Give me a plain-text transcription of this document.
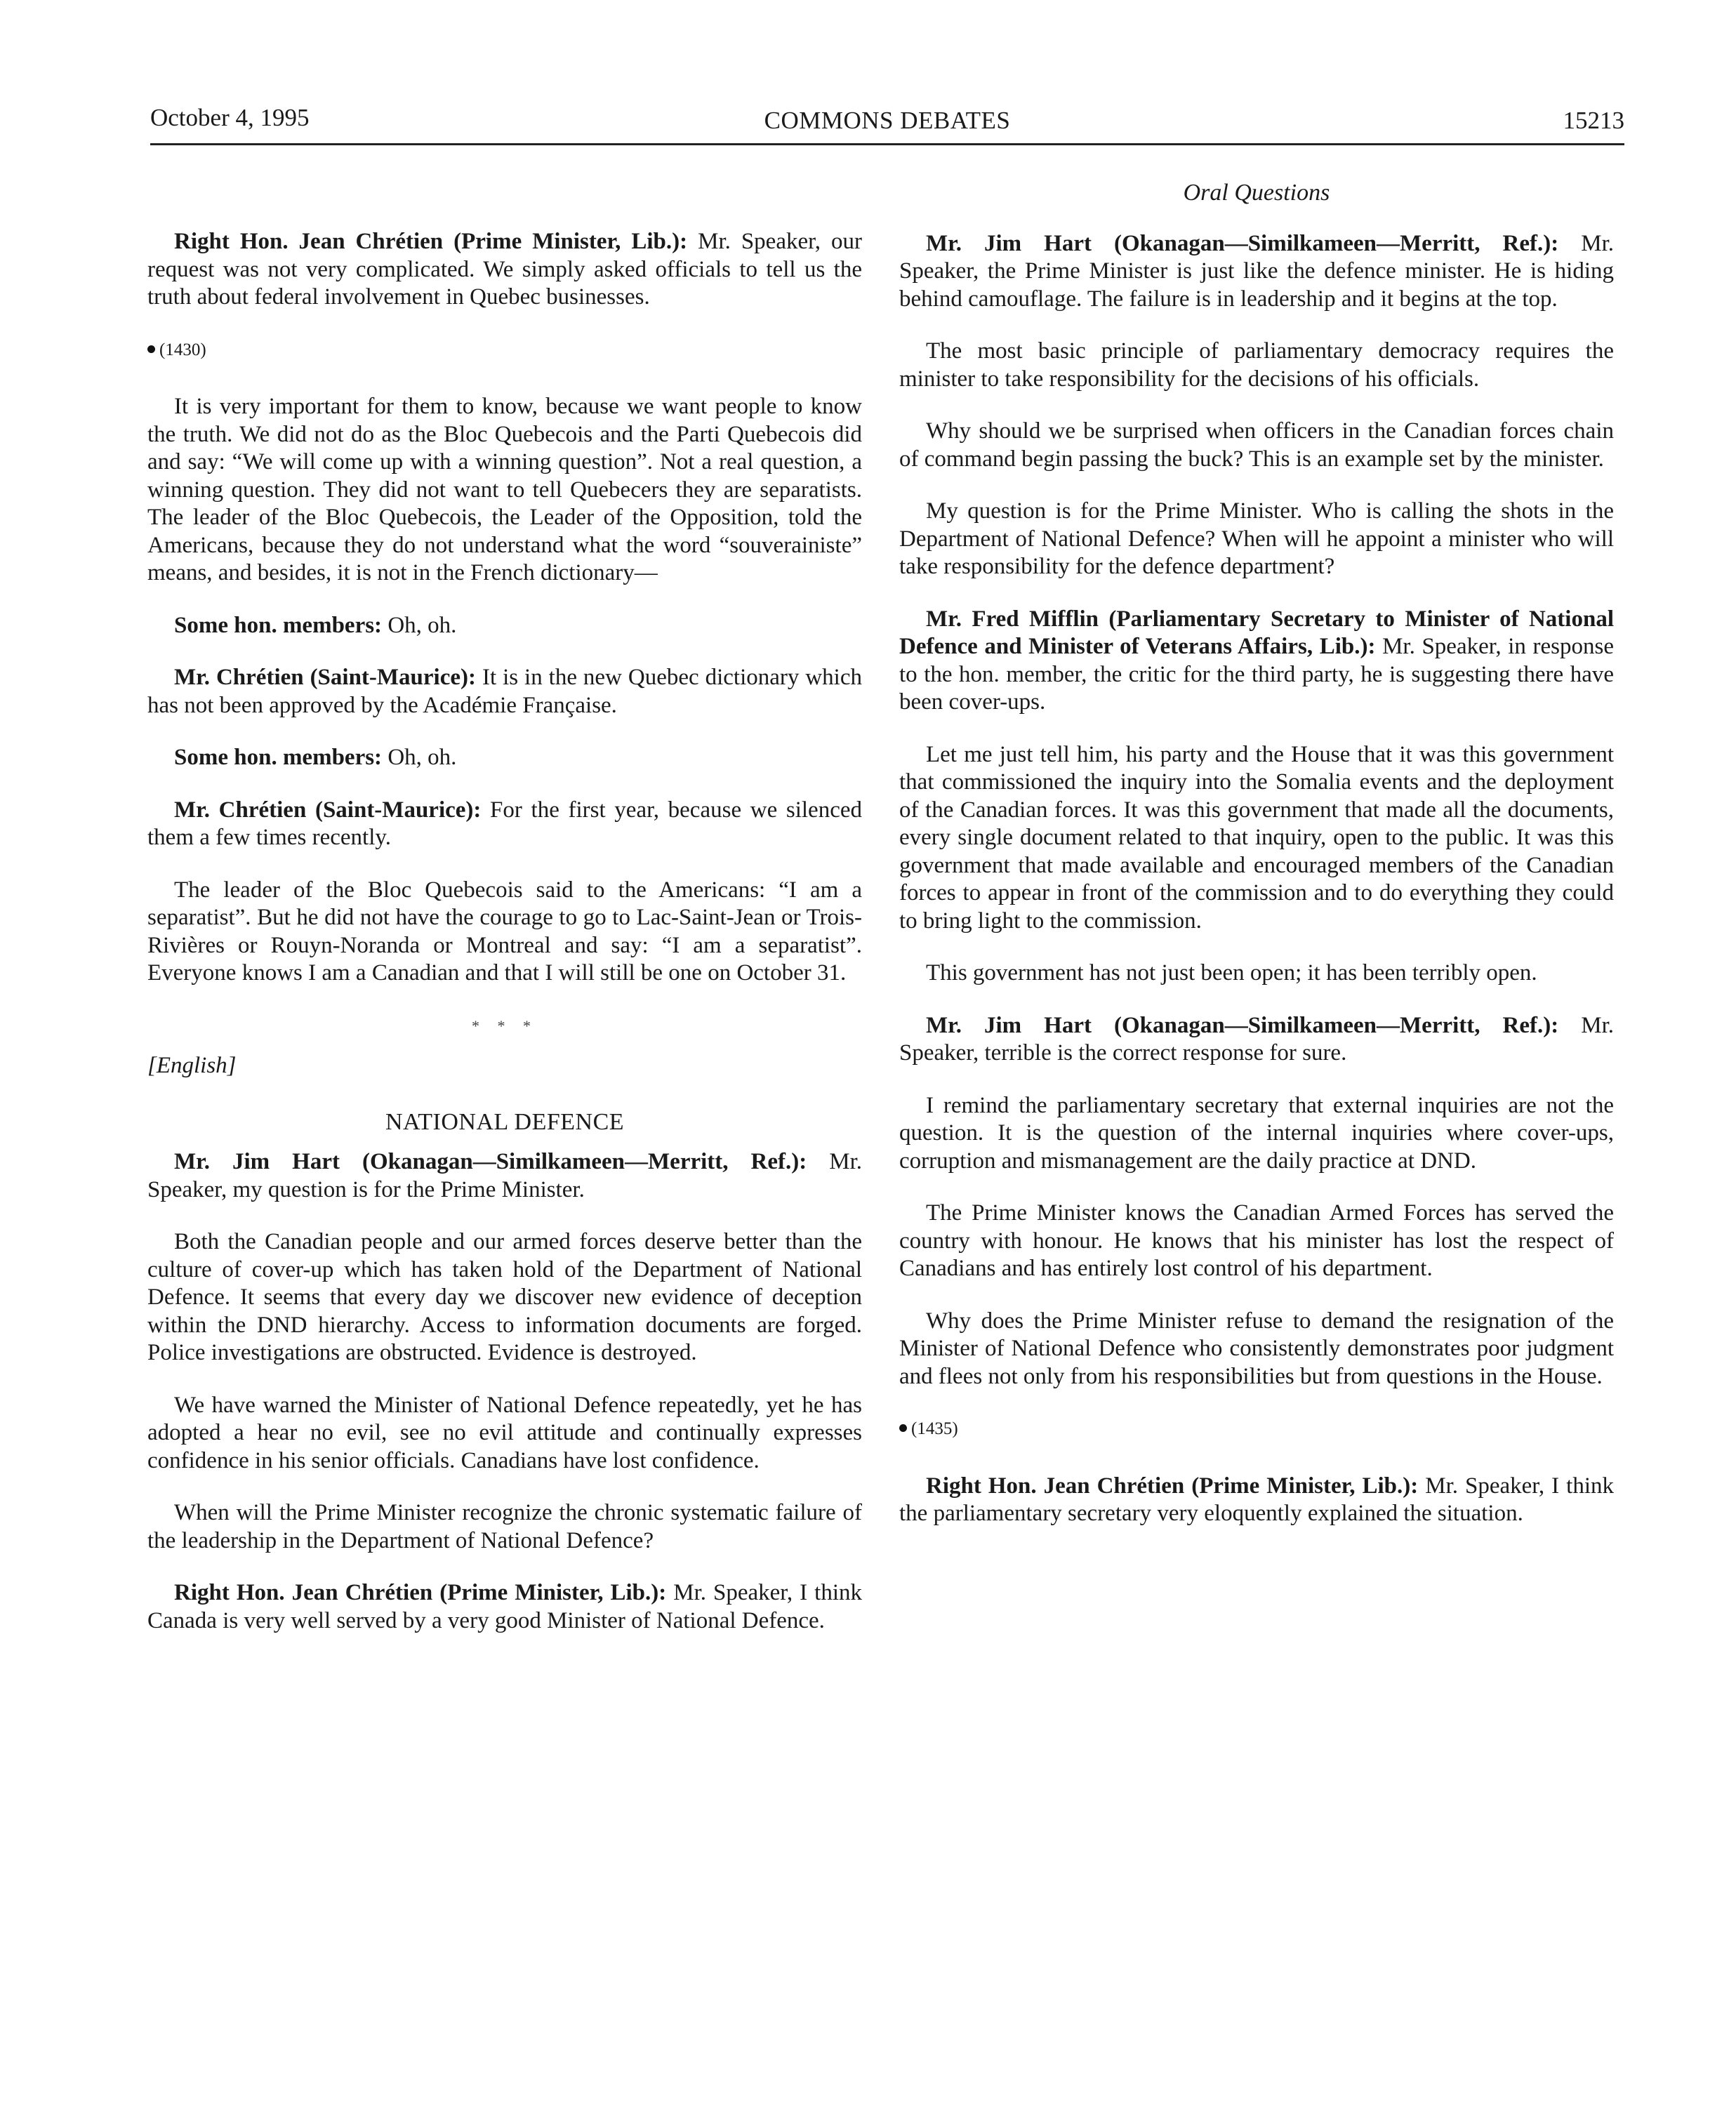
October 4, 1995	COMMONS DEBATES	15213

Right Hon. Jean Chrétien (Prime Minister, Lib.): Mr. Speaker, our request was not very complicated. We simply asked officials to tell us the truth about federal involvement in Quebec businesses.

(1430)

It is very important for them to know, because we want people to know the truth. We did not do as the Bloc Quebecois and the Parti Quebecois did and say: “We will come up with a winning question”. Not a real question, a winning question. They did not want to tell Quebecers they are separatists. The leader of the Bloc Quebecois, the Leader of the Opposition, told the Americans, because they do not understand what the word “souverainiste” means, and besides, it is not in the French dictionary—

Some hon. members: Oh, oh.

Mr. Chrétien (Saint-Maurice): It is in the new Quebec dictionary which has not been approved by the Académie Française.

Some hon. members: Oh, oh.

Mr. Chrétien (Saint-Maurice): For the first year, because we silenced them a few times recently.

The leader of the Bloc Quebecois said to the Americans: “I am a separatist”. But he did not have the courage to go to Lac-Saint-Jean or Trois-Rivières or Rouyn-Noranda or Montreal and say: “I am a separatist”. Everyone knows I am a Canadian and that I will still be one on October 31.

* * *
[English]
NATIONAL DEFENCE

Mr. Jim Hart (Okanagan—Similkameen—Merritt, Ref.): Mr. Speaker, my question is for the Prime Minister.

Both the Canadian people and our armed forces deserve better than the culture of cover-up which has taken hold of the Department of National Defence. It seems that every day we discover new evidence of deception within the DND hierarchy. Access to information documents are forged. Police investigations are obstructed. Evidence is destroyed.

We have warned the Minister of National Defence repeatedly, yet he has adopted a hear no evil, see no evil attitude and continually expresses confidence in his senior officials. Canadians have lost confidence.

When will the Prime Minister recognize the chronic systematic failure of the leadership in the Department of National Defence?

Right Hon. Jean Chrétien (Prime Minister, Lib.): Mr. Speaker, I think Canada is very well served by a very good Minister of National Defence.

Oral Questions

Mr. Jim Hart (Okanagan—Similkameen—Merritt, Ref.): Mr. Speaker, the Prime Minister is just like the defence minister. He is hiding behind camouflage. The failure is in leadership and it begins at the top.

The most basic principle of parliamentary democracy requires the minister to take responsibility for the decisions of his officials.

Why should we be surprised when officers in the Canadian forces chain of command begin passing the buck? This is an example set by the minister.

My question is for the Prime Minister. Who is calling the shots in the Department of National Defence? When will he appoint a minister who will take responsibility for the defence department?

Mr. Fred Mifflin (Parliamentary Secretary to Minister of National Defence and Minister of Veterans Affairs, Lib.): Mr. Speaker, in response to the hon. member, the critic for the third party, he is suggesting there have been cover-ups.

Let me just tell him, his party and the House that it was this government that commissioned the inquiry into the Somalia events and the deployment of the Canadian forces. It was this government that made all the documents, every single document related to that inquiry, open to the public. It was this government that made available and encouraged members of the Canadian forces to appear in front of the commission and to do everything they could to bring light to the commission.

This government has not just been open; it has been terribly open.

Mr. Jim Hart (Okanagan—Similkameen—Merritt, Ref.): Mr. Speaker, terrible is the correct response for sure.

I remind the parliamentary secretary that external inquiries are not the question. It is the question of the internal inquiries where cover-ups, corruption and mismanagement are the daily practice at DND.

The Prime Minister knows the Canadian Armed Forces has served the country with honour. He knows that his minister has lost the respect of Canadians and has entirely lost control of his department.

Why does the Prime Minister refuse to demand the resignation of the Minister of National Defence who consistently demonstrates poor judgment and flees not only from his responsibilities but from questions in the House.

(1435)

Right Hon. Jean Chrétien (Prime Minister, Lib.): Mr. Speaker, I think the parliamentary secretary very eloquently explained the situation.
